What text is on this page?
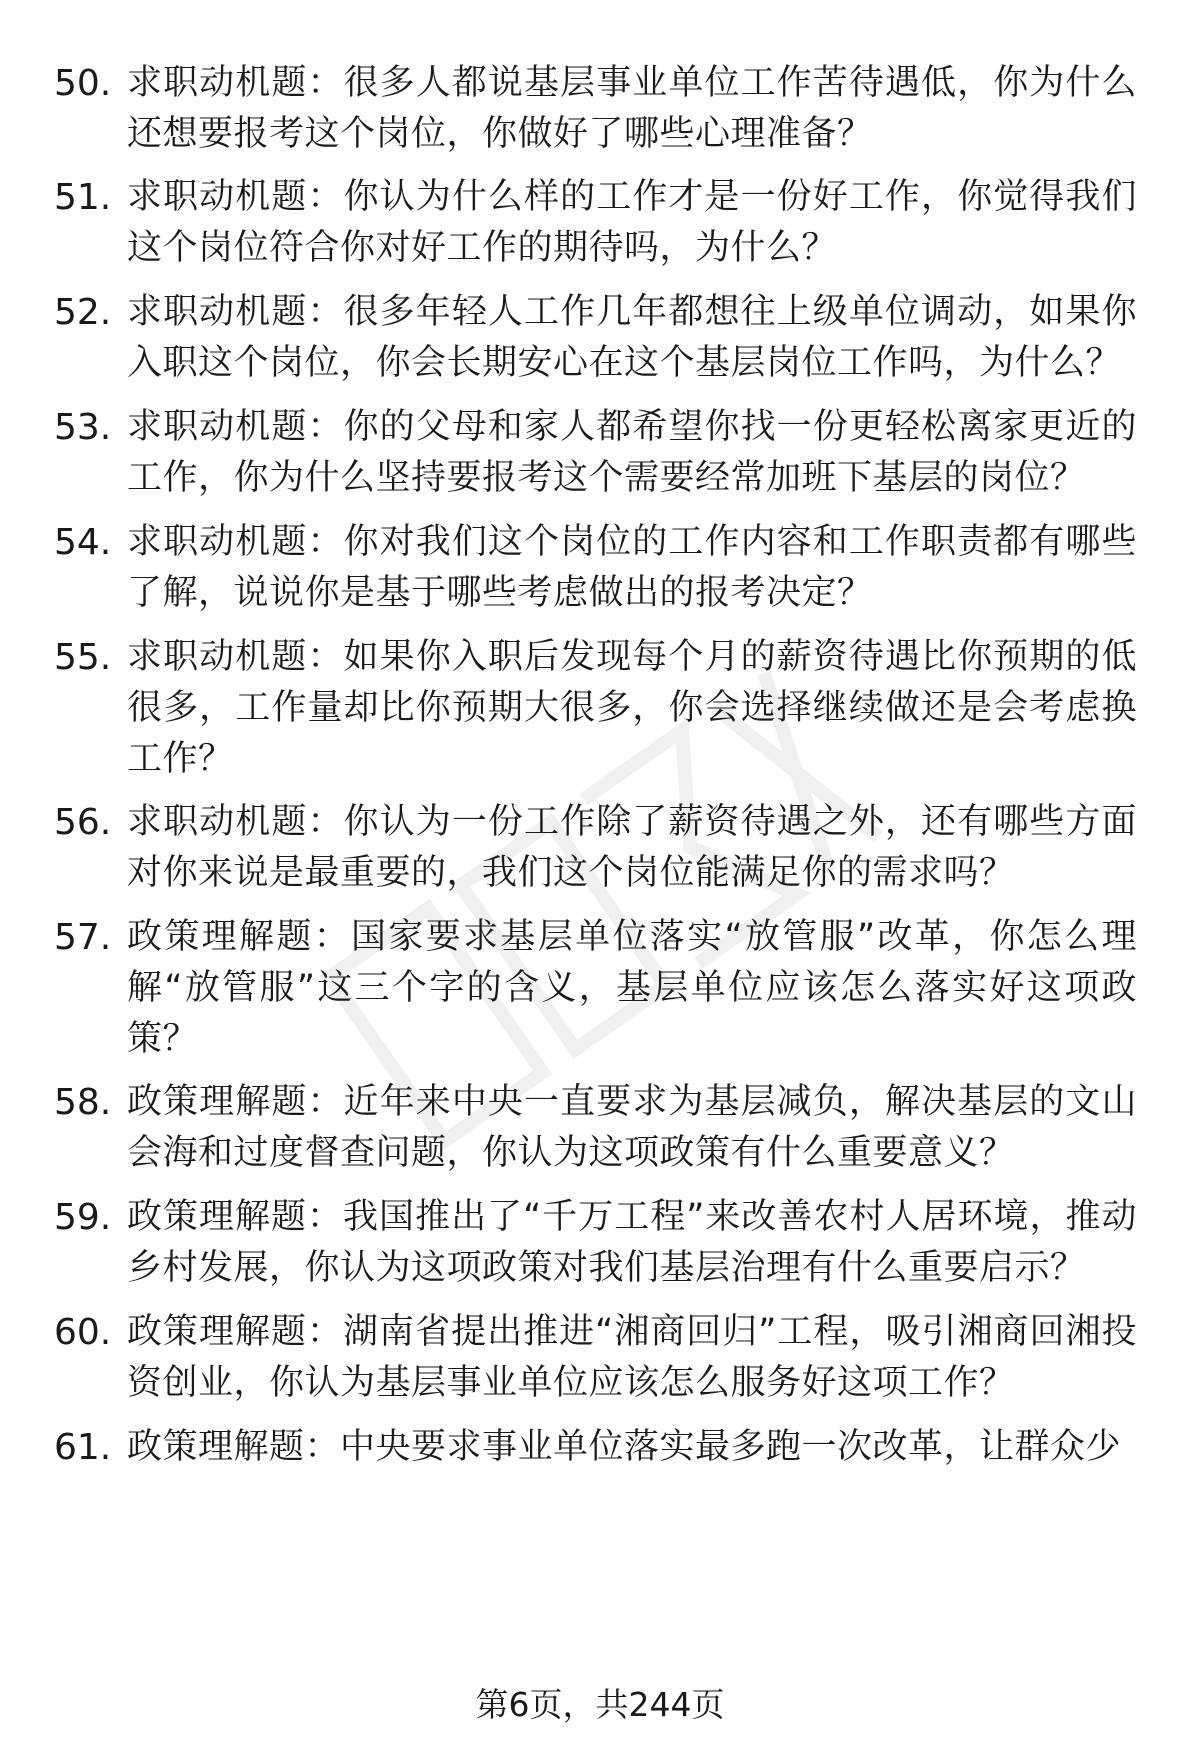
1. 50. 求职动机题：很多人都说基层事业单位工作苦待遇低，你为什么还想要报考这个岗位，你做好了哪些心理准备？
2. 51. 求职动机题：你认为什么样的工作才是一份好工作，你觉得我们这个岗位符合你对好工作的期待吗，为什么？
3. 52. 求职动机题：很多年轻人工作几年都想往上级单位调动，如果你入职这个岗位，你会长期安心在这个基层岗位工作吗，为什么？
4. 53. 求职动机题：你的父母和家人都希望你找一份更轻松离家更近的工作，你为什么坚持要报考这个需要经常加班下基层的岗位？
5. 54. 求职动机题：你对我们这个岗位的工作内容和工作职责都有哪些了解，说说你是基于哪些考虑做出的报考决定？
6. 55. 求职动机题：如果你入职后发现每个月的薪资待遇比你预期的低很多，工作量却比你预期大很多，你会选择继续做还是会考虑换工作？
7. 56. 求职动机题：你认为一份工作除了薪资待遇之外，还有哪些方面对你来说是最重要的，我们这个岗位能满足你的需求吗？
8. 57. 政策理解题：国家要求基层单位落实“放管服”改革，你怎么理解“放管服”这三个字的含义，基层单位应该怎么落实好这项政策？
9. 58. 政策理解题：近年来中央一直要求为基层减负，解决基层的文山会海和过度督查问题，你认为这项政策有什么重要意义？
10. 59. 政策理解题：我国推出了“千万工程”来改善农村人居环境，推动乡村发展，你认为这项政策对我们基层治理有什么重要启示？
11. 60. 政策理解题：湖南省提出推进“湘商回归”工程，吸引湘商回湘投资创业，你认为基层事业单位应该怎么服务好这项工作？
12. 61. 政策理解题：中央要求事业单位落实最多跑一次改革，让群众少
第6页，共244页
